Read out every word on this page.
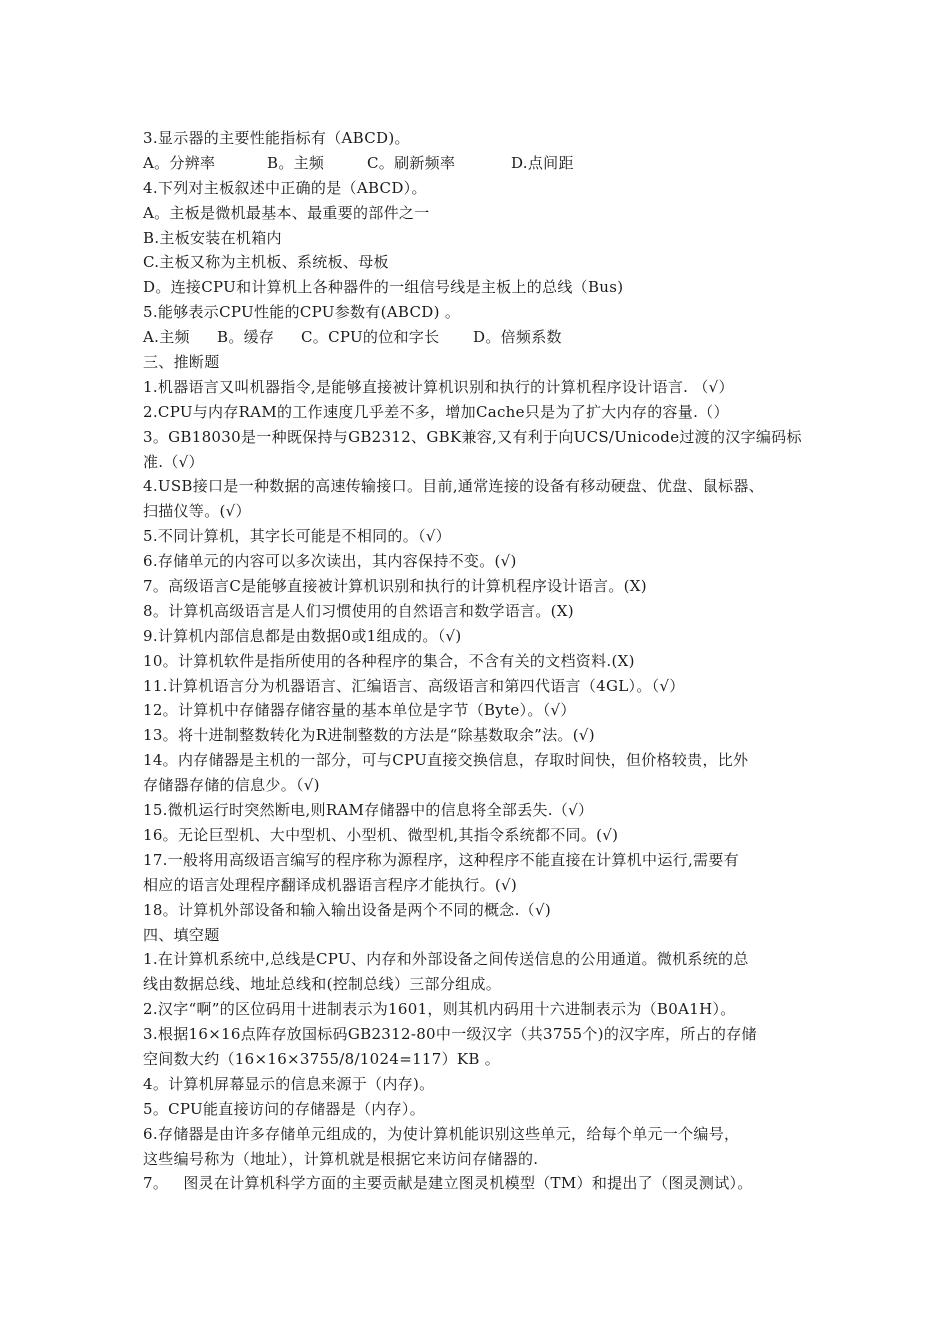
3.显示器的主要性能指标有（ABCD)。
A。分辨率	B。主频	C。刷新频率	D.点间距
4.下列对主板叙述中正确的是（ABCD）。
A。主板是微机最基本、最重要的部件之一
B.主板安装在机箱内
C.主板又称为主机板、系统板、母板
D。连接CPU和计算机上各种器件的一组信号线是主板上的总线（Bus)
5.能够表示CPU性能的CPU参数有(ABCD) 。
A.主频	B。缓存	C。CPU的位和字长	D。倍频系数
三、推断题
1.机器语言又叫机器指令,是能够直接被计算机识别和执行的计算机程序设计语言. （√）
2.CPU与内存RAM的工作速度几乎差不多，增加Cache只是为了扩大内存的容量.（）
3。GB18030是一种既保持与GB2312、GBK兼容,又有利于向UCS/Unicode过渡的汉字编码标
准.（√）
4.USB接口是一种数据的高速传输接口。目前,通常连接的设备有移动硬盘、优盘、鼠标器、
扫描仪等。(√）
5.不同计算机，其字长可能是不相同的。（√）
6.存储单元的内容可以多次读出，其内容保持不变。(√)
7。高级语言C是能够直接被计算机识别和执行的计算机程序设计语言。(X)
8。计算机高级语言是人们习惯使用的自然语言和数学语言。(X)
9.计算机内部信息都是由数据0或1组成的。（√)
10。计算机软件是指所使用的各种程序的集合，不含有关的文档资料.(X)
11.计算机语言分为机器语言、汇编语言、高级语言和第四代语言（4GL）。（√）
12。计算机中存储器存储容量的基本单位是字节（Byte）。（√）
13。将十进制整数转化为R进制整数的方法是“除基数取余”法。(√)
14。内存储器是主机的一部分，可与CPU直接交换信息，存取时间快，但价格较贵，比外
存储器存储的信息少。（√)
15.微机运行时突然断电,则RAM存储器中的信息将全部丢失.（√）
16。无论巨型机、大中型机、小型机、微型机,其指令系统都不同。(√)
17.一般将用高级语言编写的程序称为源程序，这种程序不能直接在计算机中运行,需要有
相应的语言处理程序翻译成机器语言程序才能执行。(√)
18。计算机外部设备和输入输出设备是两个不同的概念.（√)
四、填空题
1.在计算机系统中,总线是CPU、内存和外部设备之间传送信息的公用通道。微机系统的总
线由数据总线、地址总线和(控制总线）三部分组成。
2.汉字“啊”的区位码用十进制表示为1601，则其机内码用十六进制表示为（B0A1H）。
3.根据16×16点阵存放国标码GB2312-80中一级汉字（共3755个)的汉字库，所占的存储
空间数大约（16×16×3755/8/1024=117）KB 。
4。计算机屏幕显示的信息来源于（内存)。
5。CPU能直接访问的存储器是（内存）。
6.存储器是由许多存储单元组成的，为使计算机能识别这些单元，给每个单元一个编号，
这些编号称为（地址），计算机就是根据它来访问存储器的.
7。   图灵在计算机科学方面的主要贡献是建立图灵机模型（TM）和提出了（图灵测试）。
